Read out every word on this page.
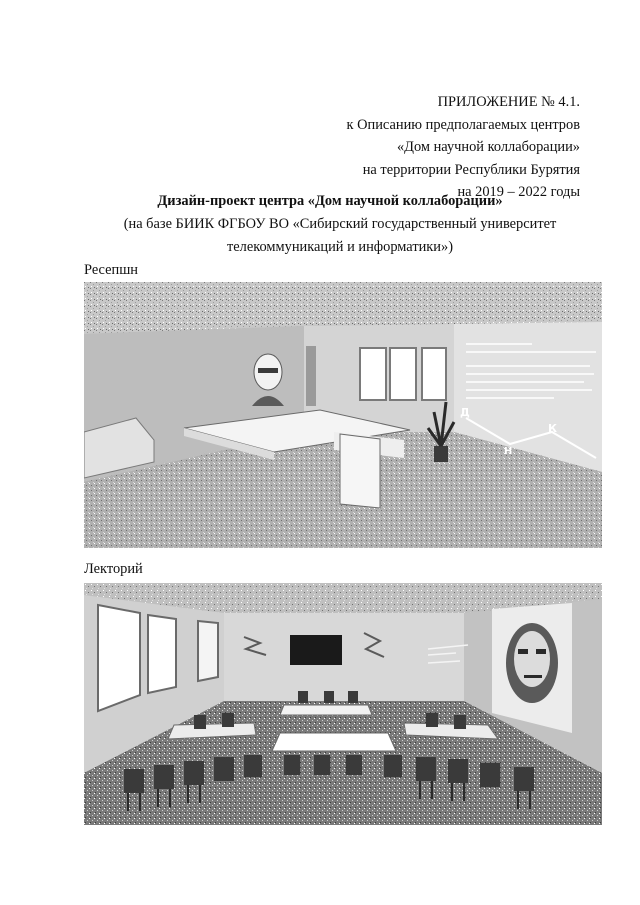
ПРИЛОЖЕНИЕ № 4.1.
к Описанию предполагаемых центров
«Дом научной коллаборации»
на территории Республики Бурятия
на 2019 – 2022 годы
Дизайн-проект центра «Дом научной коллаборации»
(на базе БИИК ФГБОУ ВО «Сибирский государственный университет
телекоммуникаций и информатики»)
Ресепшн
Д
Н
К
Лекторий
